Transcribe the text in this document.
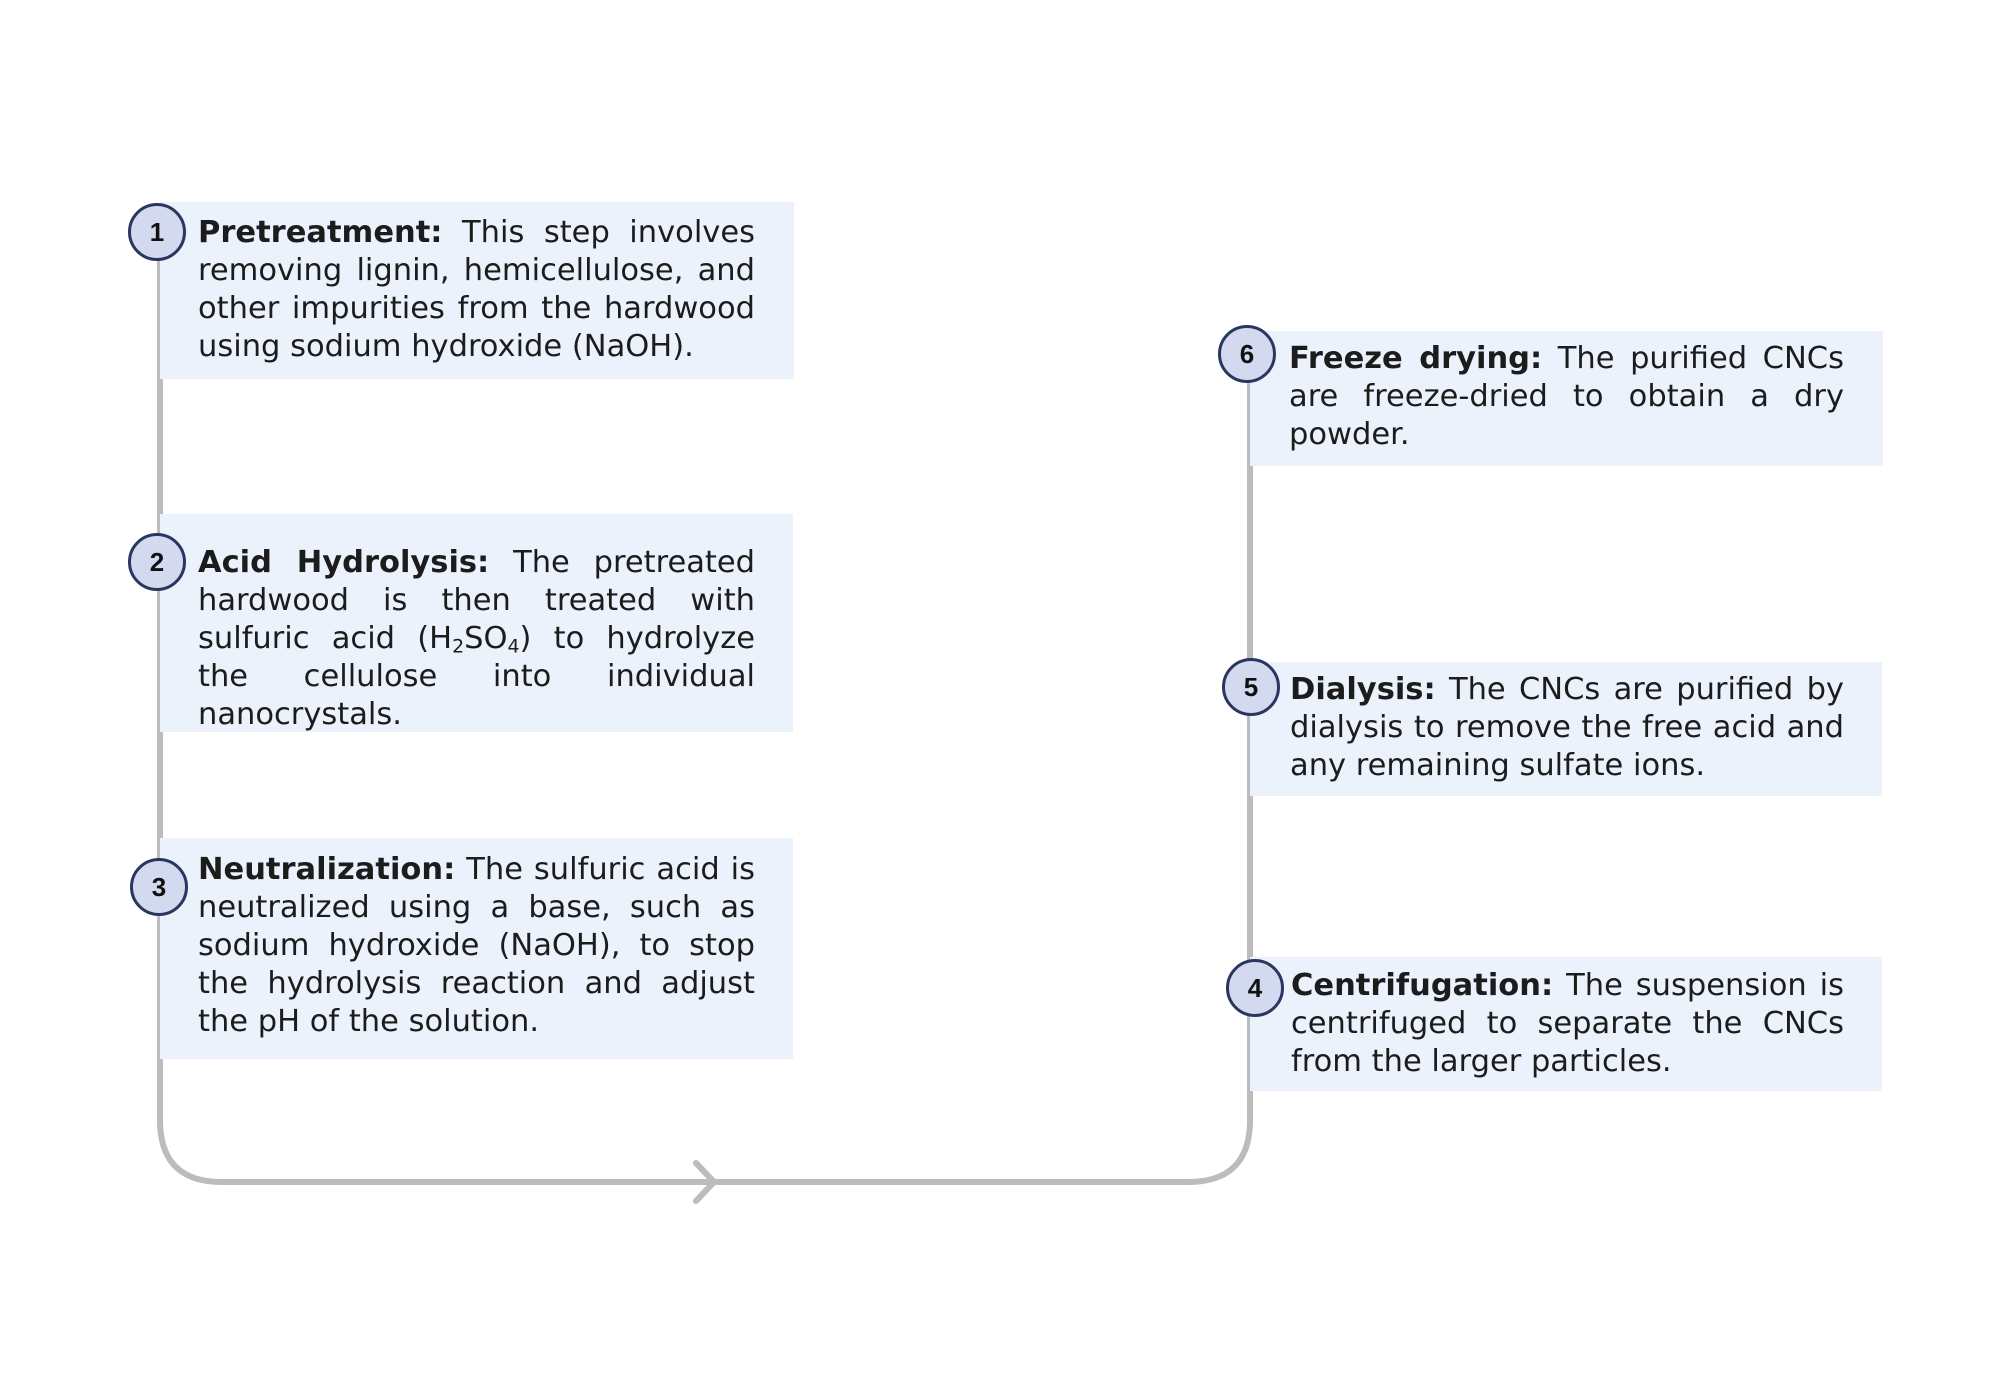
1	Pretreatment: This step involves removing lignin, hemicellulose, and other impurities from the hardwood using sodium hydroxide (NaOH).

2	Acid Hydrolysis: The pretreated hardwood is then treated with sulfuric acid $(H_2SO_4)$ to hydrolyze the cellulose into individual nanocrystals.

3	Neutralization: The sulfuric acid is neutralized using a base, such as sodium hydroxide (NaOH), to stop the hydrolysis reaction and adjust the pH of the solution.

4 Centrifugation: The suspension is centrifuged to separate the CNCs from the larger particles.

5	Dialysis: The CNCs are purified by dialysis to remove the free acid and any remaining sulfate ions.

6	Freeze drying: The purified CNCs are freeze-dried to obtain a dry powder.
